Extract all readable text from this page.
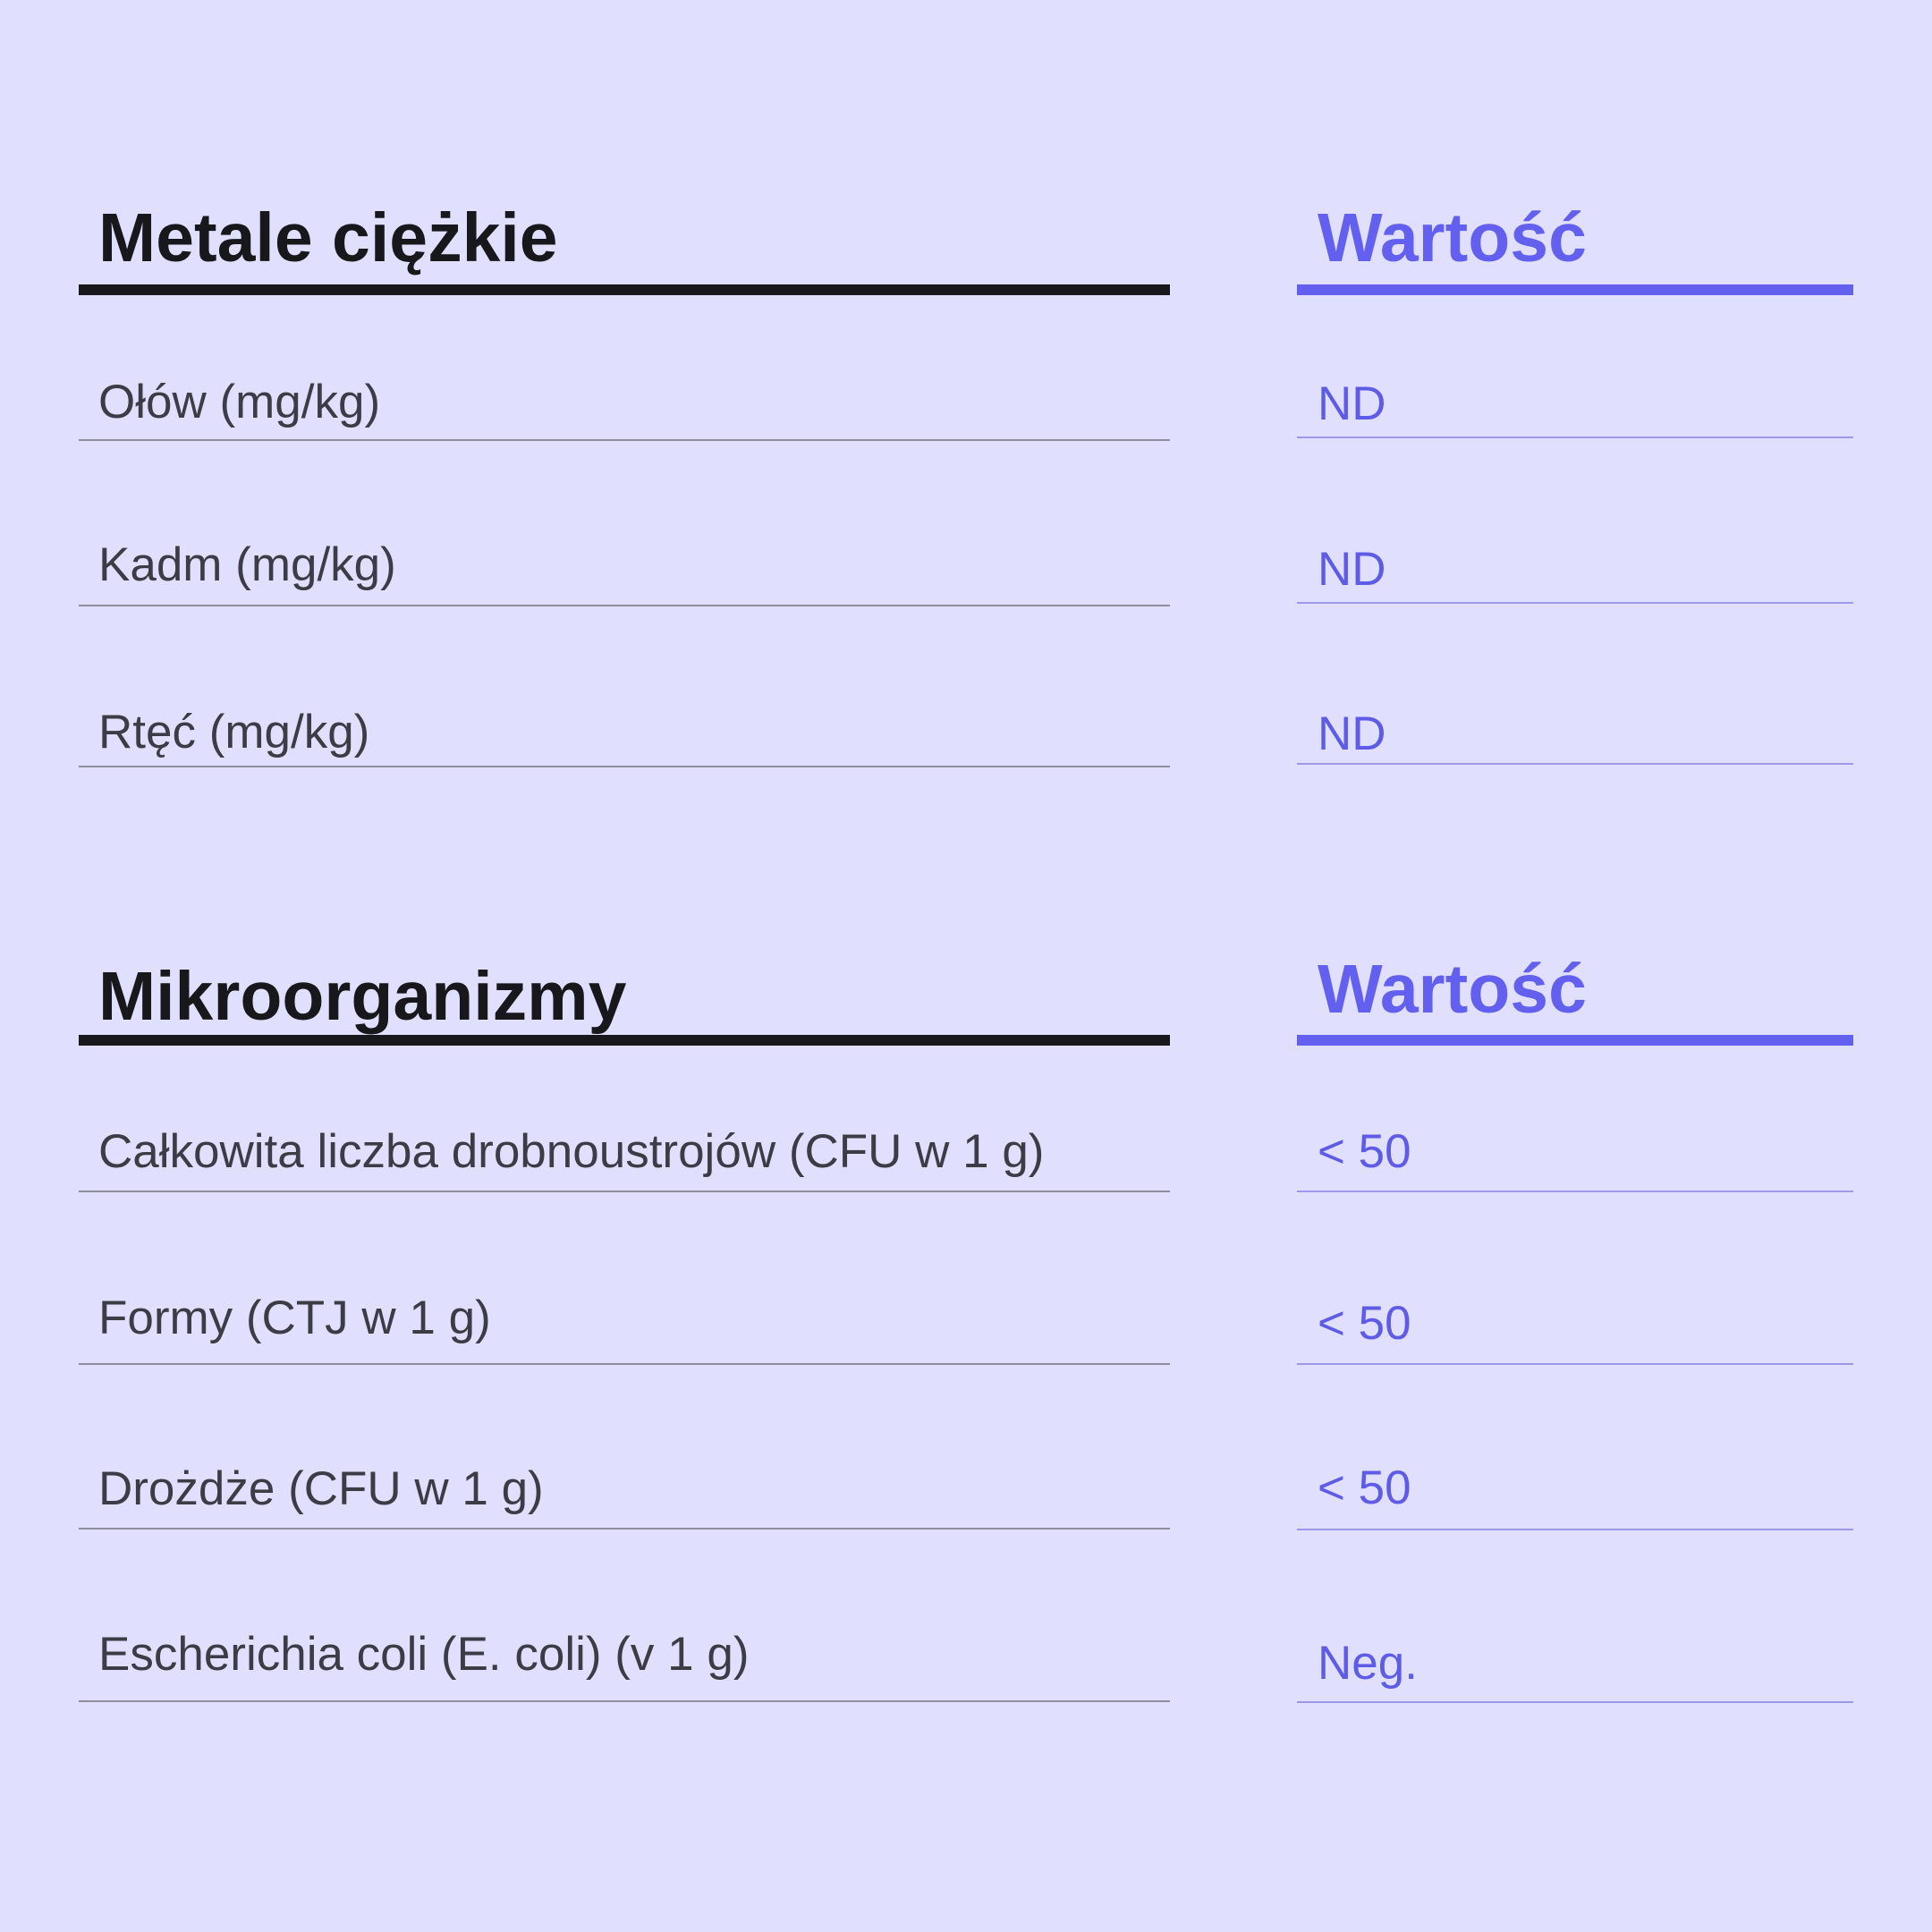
Metale ciężkie	Wartość
Ołów (mg/kg)	ND
Kadm (mg/kg)	ND
Rtęć (mg/kg)	ND
Mikroorganizmy	Wartość
Całkowita liczba drobnoustrojów (CFU w 1 g)	< 50
Formy (CTJ w 1 g)	< 50
Drożdże (CFU w 1 g)	< 50
Escherichia coli (E. coli) (v 1 g)	Neg.
